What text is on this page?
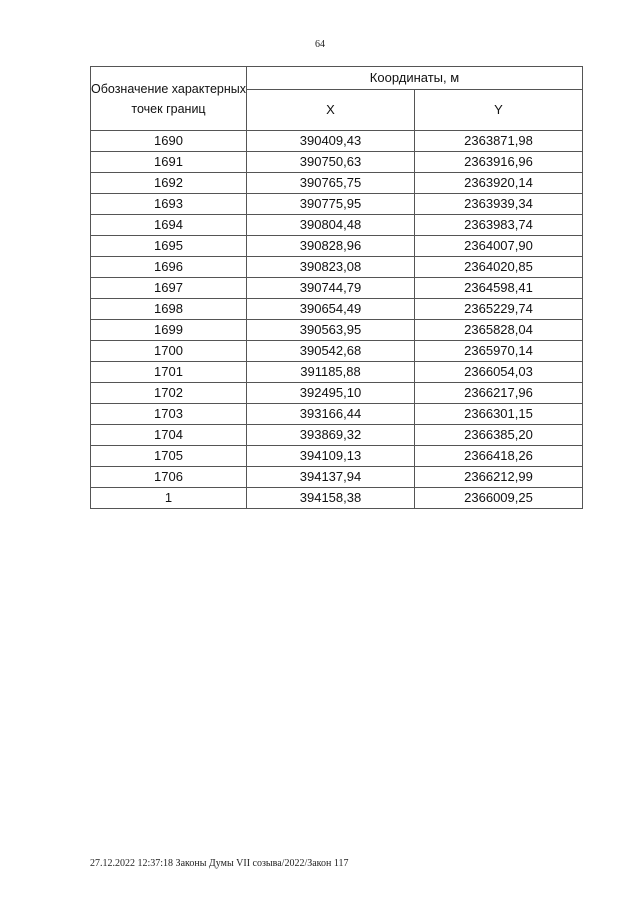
64
Обозначение характерных точек границ	Координаты, м	
	X	Y
1690	390409,43	2363871,98
1691	390750,63	2363916,96
1692	390765,75	2363920,14
1693	390775,95	2363939,34
1694	390804,48	2363983,74
1695	390828,96	2364007,90
1696	390823,08	2364020,85
1697	390744,79	2364598,41
1698	390654,49	2365229,74
1699	390563,95	2365828,04
1700	390542,68	2365970,14
1701	391185,88	2366054,03
1702	392495,10	2366217,96
1703	393166,44	2366301,15
1704	393869,32	2366385,20
1705	394109,13	2366418,26
1706	394137,94	2366212,99
1	394158,38	2366009,25
27.12.2022 12:37:18 Законы Думы VII созыва/2022/Закон 117
